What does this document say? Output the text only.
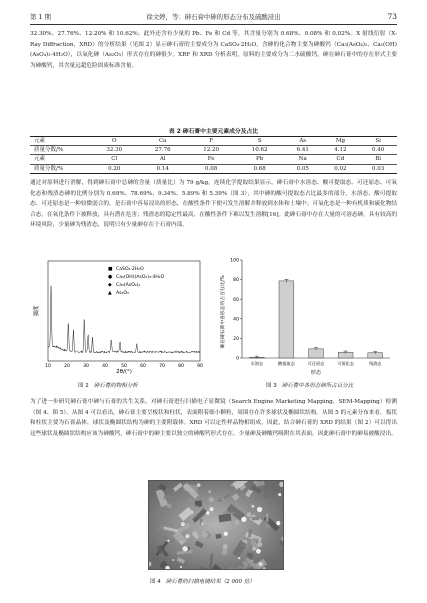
第 1 期	徐文婷，等：砷石膏中砷的形态分布及硫酸浸出	73

32.30%、27.76%、12.20% 和 10.62%；此外还含有少量的 Pb、Fe 和 Cd 等，其含量分别为 0.68%、0.08% 和 0.02%。X 射线衍射（X-Ray Diffraction，XRD）的分析结果（见图 2）显示砷石膏的主要成分为 CaSO₄·2H₂O，含砷的化合物主要为砷酸钙（Ca₃(AsO₄)₂、Ca₅(OH)(AsO₄)₃·4H₂O），以氧化砷（As₂O₃）形式存在的砷很少。XRF 和 XRD 分析表明，原料的主要成分为二水硫酸钙，砷在砷石膏中的存在形式主要为砷酸钙，其含量远超危险固废标准含量。

表 2 砷石膏中主要元素成分及占比
元素	O	Ca	F	S	As	Mg	Si
质量分数/%	32.30	27.76	12.20	10.62	6.41	4.12	0.40
元素	Cl	Al	Fe	Pb	Na	Cd	Bi
质量分数/%	0.20	0.14	0.08	0.68	0.05	0.02	0.03

通过对原料进行消解，得到砷石膏中总砷的含量（质量比）为 79 g/kg。连续化学提取结果显示，砷石膏中水溶态、酸可提取态、可还原态、可氧化态和残渣态砷的比例分别为 0.69%、78.69%、9.34%、5.89% 和 5.39%（图 3），其中砷的酸可提取态占比最多的部分。水溶态、酸可提取态、可还原态是一种较微弱合的，是石膏中容易浸出的形态，在酸性条件下便可发生溶解并释放到水体和土壤中；可氧化态是一种有机质和硫化物结合态，在氧化条件下被释放，具有潜在危害；残渣态的稳定性最高，在酸性条件下难以发生溶解[16]。此砷石膏中存在大量的可溶态砷，具有较高的环境风险，少量砷为残渣态，说明只有少量砷存在于石膏内部。

强度
2θ/(°)
10	20	30	40	50	60	70	80	90
■ CaSO₄·2H₂O
● Ca₅(OH)(AsO₄)₃·4H₂O
◆ Ca₃(AsO₄)₂
▲ As₂O₃
图 2 砷石膏的物相分析
砷在砷石膏中各形态所占百分比/%
0
20
40
60
80
100
水溶态	酸提取态	可还原态	可氧化态	残渣态
形态
图 3 砷石膏中各形态砷所占百分比

为了进一步研究砷石膏中砷与石膏的共生关系，对砷石膏进行扫描电子显微镜（Search Engine Marketing Mapping，SEM-Mapping）检测（图 4、图 5）。从图 4 可以看出，砷石膏主要呈板状和柱状，表面附着细小颗粒，周围存在许多球状及椭圆状结构。从图 5 的元素分布来看，板状和柱状主要为石膏晶体，球状及椭圆状结构为砷的主要附载体。XRD 可以定性样品物相组成，因此，结合砷石膏的 XRD 的结果（图 2）可以得出这些球状及椭圆状结构应该为砷酸钙，砷石膏中的砷主要以独立的砷酸钙形式存在，少量砷及砷酸钙吸附在其表面，因此砷石膏中的砷易被酸浸出。

图 4 砷石膏的扫描电镜结果（2 000 倍）
